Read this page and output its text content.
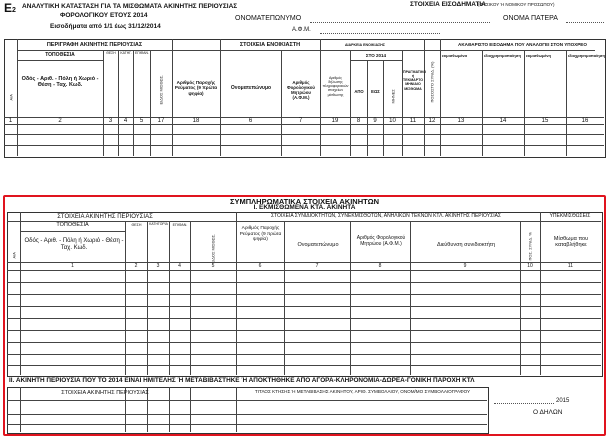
E2
ΑΝΑΛΥΤΙΚΗ ΚΑΤΑΣΤΑΣΗ ΓΙΑ ΤΑ ΜΙΣΘΩΜΑΤΑ ΑΚΙΝΗΤΗΣ ΠΕΡΙΟΥΣΙΑΣ
ΦΟΡΟΛΟΓΙΚΟΥ ΕΤΟΥΣ 2014
Εισοδήματα από 1/1 έως 31/12/2014
ΣΤΟΙΧΕΙΑ ΕΙΣΟΔΗΜΑΤΙΑ
(ΦΥΣΙΚΟΥ Ή ΝΟΜΙΚΟΥ ΠΡΟΣΩΠΟΥ)
ΟΝΟΜΑΤΕΠΩΝΥΜΟ	ΟΝΟΜΑ ΠΑΤΕΡΑ
Α.Φ.Μ.
ΠΕΡΙΓΡΑΦΗ ΑΚΙΝΗΤΗΣ ΠΕΡΙΟΥΣΙΑΣ	ΣΤΟΙΧΕΙΑ ΕΝΟΙΚΙΑΣΤΗ	ΔΙΑΡΚΕΙΑ ΕΝΟΙΚΙΑΣΗΣ	ΑΚΑΘΑΡΙΣΤΟ ΕΙΣΟΔΗΜΑ ΠΟΥ ΑΝΑΛΟΓΕΙ ΣΤΟΝ ΥΠΟΧΡΕΟ
ΤΟΠΟΘΕΣΙΑ	ΣΤΟ 2014
Α/Α
Οδός - Αριθ. - Πόλη ή Χωριό - Θέση - Ταχ. Κωδ.
ΘΕΣΗ	ΚΑΤΗΓ.	ΕΠΙΦΑΝ.
ΕΙΔΟΣ ΜΙΣΘΩΣ.	Αριθμός Παροχής Ρεύματος (9 πρώτα ψηφία)
Ονοματεπώνυμο
Αριθμός Φορολογικού Μητρώου (Α.Φ.Μ.)
Αριθμός δήλωσης πληροφοριακών στοιχείων μίσθωσης
ΑΠΟ	ΕΩΣ	ΜΗΝΕΣ
ΠΡΑΓΜΑΤΙΚΟ ή ΤΕΚΜΑΡΤΟ ΜΗΝΙΑΙΟ ΜΙΣΘΩΜΑ	ΠΟΣΟΣΤΟ ΣΥΝΙΔ. (%)
εκμισθωμένα	ιδιοχρησιμοποίηση	εκμισθωμένη	ιδιοχρησιμοποίηση
1	2	3	4	5	17	18	6	7	19	8	9	10	11	12	13	14	15	16
ΣΥΜΠΛΗΡΩΜΑΤΙΚΑ ΣΤΟΙΧΕΙΑ ΑΚΙΝΗΤΩΝ
Ι. ΕΚΜΙΣΘΩΜΕΝΑ ΚΤΑ. ΑΚΙΝΗΤΑ
ΣΤΟΙΧΕΙΑ ΑΚΙΝΗΤΗΣ ΠΕΡΙΟΥΣΙΑΣ	ΣΤΟΙΧΕΙΑ ΣΥΝΙΔΙΟΚΤΗΤΩΝ, ΣΥΝΕΚΜΙΣΘΩΤΩΝ, ΑΝΗΛΙΚΩΝ ΤΕΚΝΩΝ ΚΤΛ. ΑΚΙΝΗΤΗΣ ΠΕΡΙΟΥΣΙΑΣ	ΥΠΕΚΜΙΣΘΩΣΕΙΣ
ΤΟΠΟΘΕΣΙΑ
Α/Α
Οδός - Αριθ. - Πόλη ή Χωριό - Θέση - Ταχ. Κωδ.
ΘΕΣΗ	ΚΑΤΗΓΟΡΙΑ	ΕΠΙΦΑΝ.
ΕΙΔΟΣ ΜΙΣΘΩΣ.
Αριθμός Παροχής Ρεύματος (9 πρώτα ψηφία)
Ονοματεπώνυμο
Αριθμός Φορολογικού Μητρώου (Α.Φ.Μ.)	Διεύθυνση συνιδιοκτήτη	ΠΟΣ. ΣΥΝΙΔ. %	Μίσθωμα που καταβλήθηκε
1	2	3	4	5	6	7	8	9	10	11
ΙΙ. ΑΚΙΝΗΤΗ ΠΕΡΙΟΥΣΙΑ ΠΟΥ ΤΟ 2014 ΕΙΝΑΙ ΗΜΙΤΕΛΗΣ Ή ΜΕΤΑΒΙΒΑΣΤΗΚΕ Ή ΑΠΟΚΤΗΘΗΚΕ ΑΠΟ ΑΓΟΡΑ-ΚΛΗΡΟΝΟΜΙΑ-ΔΩΡΕΑ-ΓΟΝΙΚΗ ΠΑΡΟΧΗ ΚΤΛ
ΣΤΟΙΧΕΙΑ ΑΚΙΝΗΤΗΣ ΠΕΡΙΟΥΣΙΑΣ	ΤΙΤΛΟΣ ΚΤΗΣΗΣ Ή ΜΕΤΑΒΙΒΑΣΗΣ ΑΚΙΝΗΤΟΥ, ΑΡΙΘ. ΣΥΜΒΟΛΑΙΟΥ, ΟΝΟΜ/ΜΟ ΣΥΜΒΟΛΑΙΟΓΡΑΦΟΥ
2015
Ο ΔΗΛΩΝ
